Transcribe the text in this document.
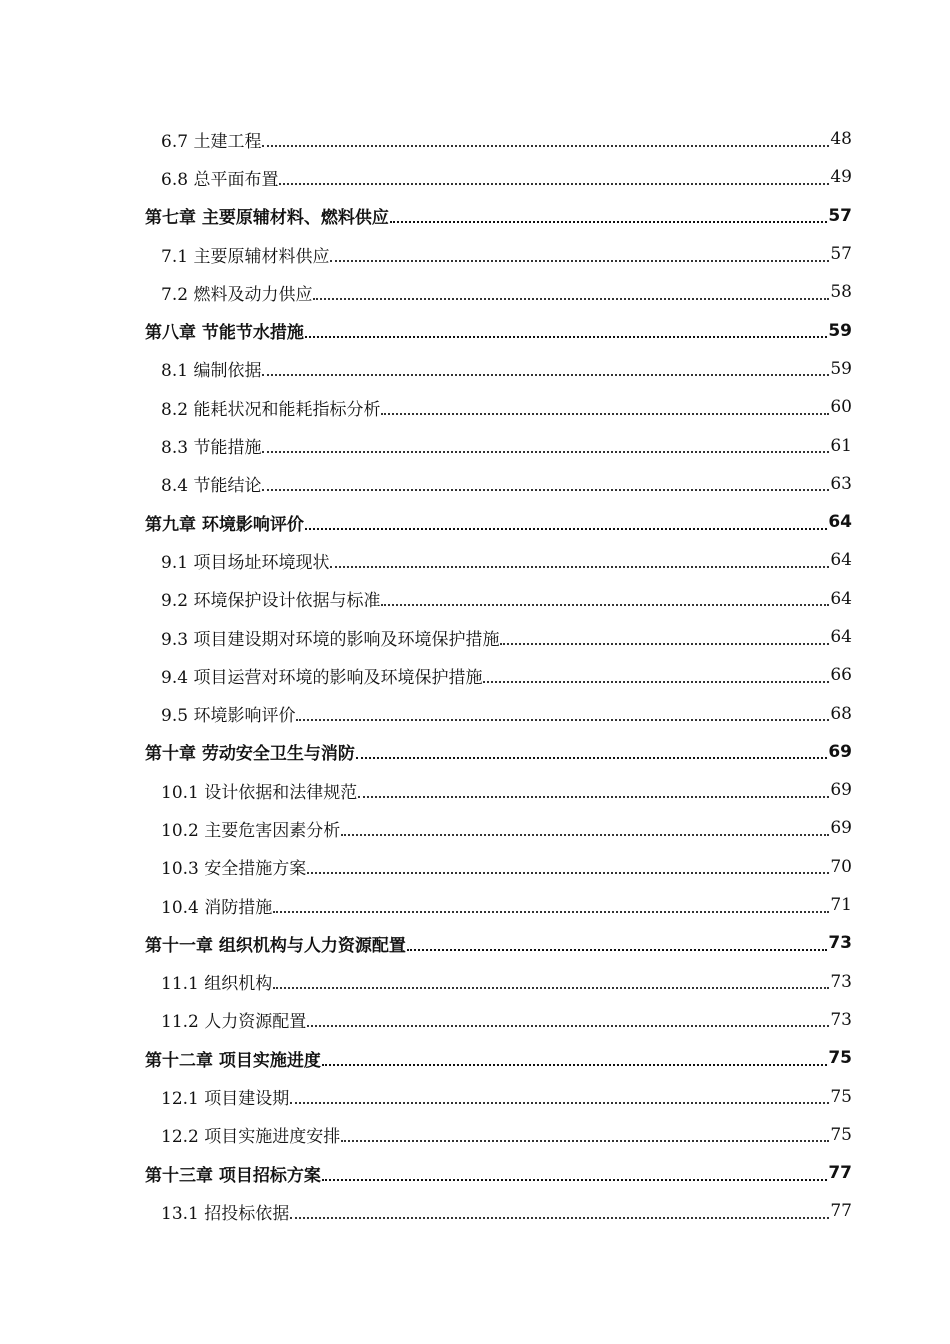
6.7 土建工程	48
6.8 总平面布置	49
第七章 主要原辅材料、燃料供应	57
7.1 主要原辅材料供应	57
7.2 燃料及动力供应	58
第八章 节能节水措施	59
8.1 编制依据	59
8.2 能耗状况和能耗指标分析	60
8.3 节能措施	61
8.4 节能结论	63
第九章 环境影响评价	64
9.1 项目场址环境现状	64
9.2 环境保护设计依据与标准	64
9.3 项目建设期对环境的影响及环境保护措施	64
9.4 项目运营对环境的影响及环境保护措施	66
9.5 环境影响评价	68
第十章 劳动安全卫生与消防	69
10.1 设计依据和法律规范	69
10.2 主要危害因素分析	69
10.3 安全措施方案	70
10.4 消防措施	71
第十一章 组织机构与人力资源配置	73
11.1 组织机构	73
11.2 人力资源配置	73
第十二章 项目实施进度	75
12.1 项目建设期	75
12.2 项目实施进度安排	75
第十三章 项目招标方案	77
13.1 招投标依据	77
